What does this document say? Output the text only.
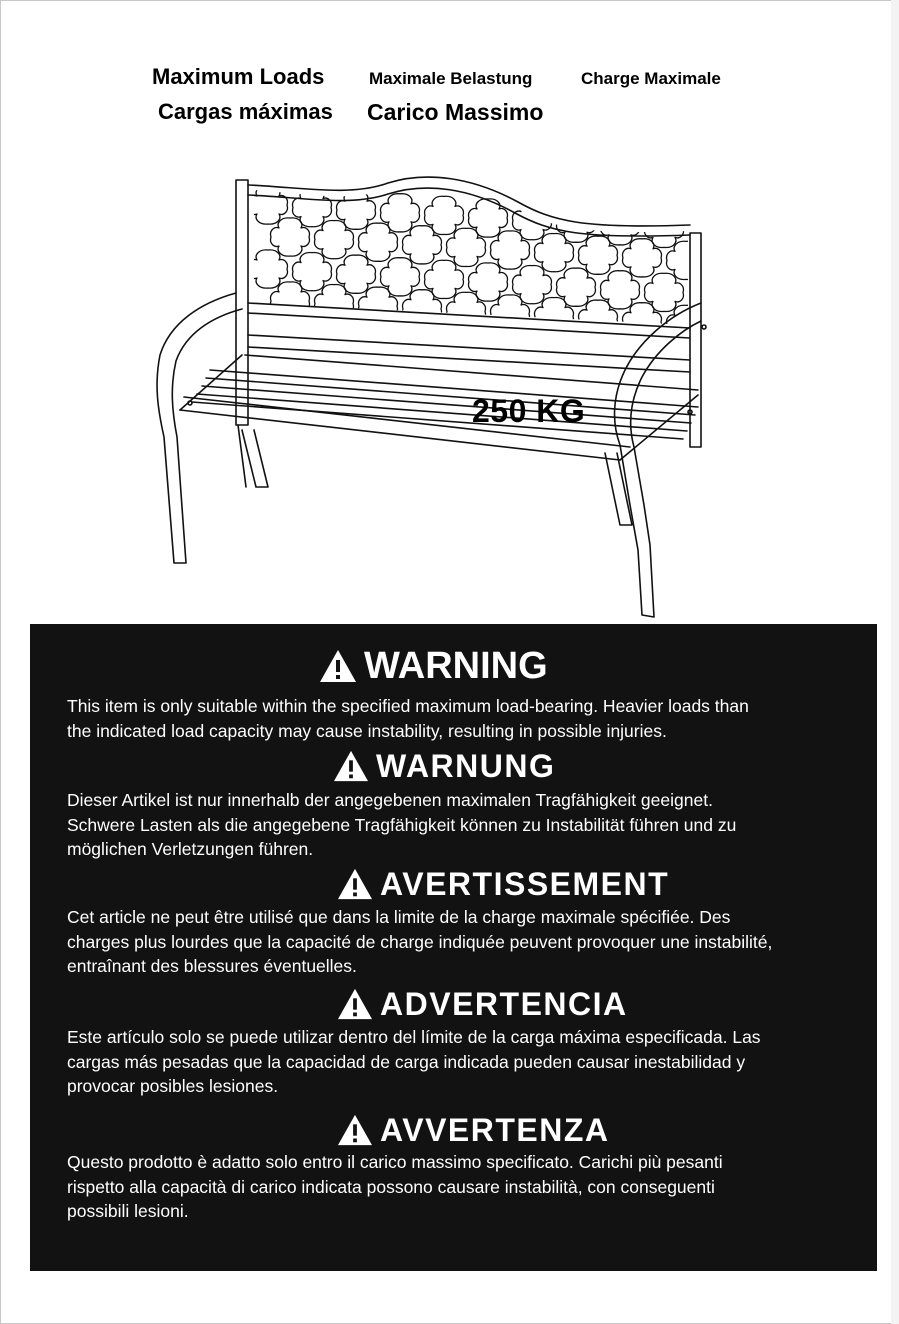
Maximum Loads	Maximale Belastung	Charge Maximale
Cargas máximas Carico Massimo
250 KG
WARNING
This item is only suitable within the specified maximum load-bearing. Heavier loads than
the indicated load capacity may cause instability, resulting in possible injuries.
WARNUNG
Dieser Artikel ist nur innerhalb der angegebenen maximalen Tragfähigkeit geeignet.
Schwere Lasten als die angegebene Tragfähigkeit können zu Instabilität führen und zu
möglichen Verletzungen führen.
AVERTISSEMENT
Cet article ne peut être utilisé que dans la limite de la charge maximale spécifiée. Des
charges plus lourdes que la capacité de charge indiquée peuvent provoquer une instabilité,
entraînant des blessures éventuelles.
ADVERTENCIA
Este artículo solo se puede utilizar dentro del límite de la carga máxima especificada. Las
cargas más pesadas que la capacidad de carga indicada pueden causar inestabilidad y
provocar posibles lesiones.
AVVERTENZA
Questo prodotto è adatto solo entro il carico massimo specificato. Carichi più pesanti
rispetto alla capacità di carico indicata possono causare instabilità, con conseguenti
possibili lesioni.
